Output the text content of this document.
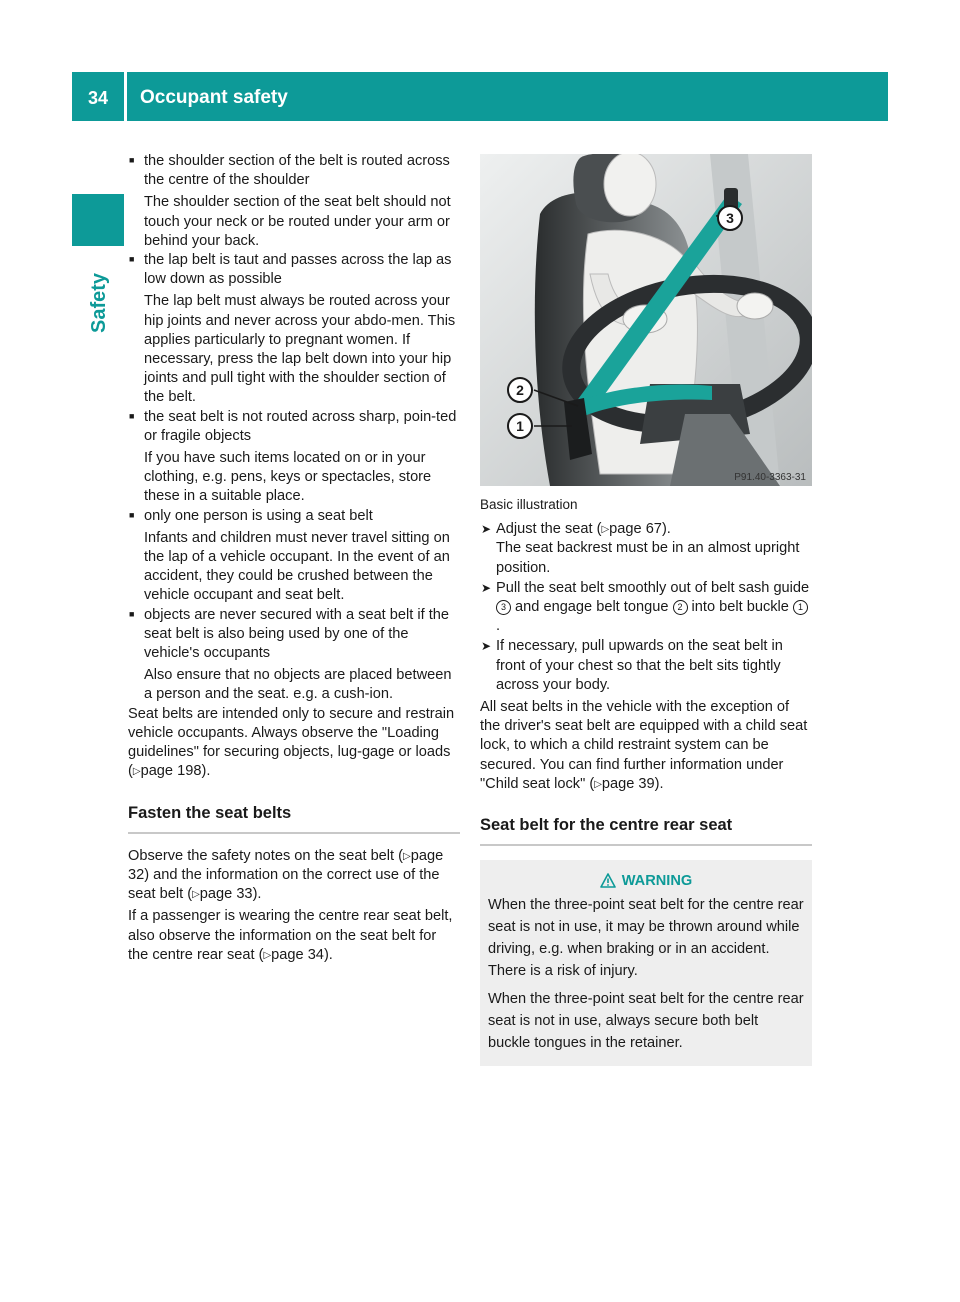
34	Occupant safety
Safety
■ the shoulder section of the belt is routed across the centre of the shoulder

The shoulder section of the seat belt should not touch your neck or be routed under your arm or behind your back.

■ the lap belt is taut and passes across the lap as low down as possible

The lap belt must always be routed across your hip joints and never across your abdo-men. This applies particularly to pregnant women. If necessary, press the lap belt down into your hip joints and pull tight with the shoulder section of the belt.

■ the seat belt is not routed across sharp, poin-ted or fragile objects

If you have such items located on or in your clothing, e.g. pens, keys or spectacles, store these in a suitable place.

■ only one person is using a seat belt

Infants and children must never travel sitting on the lap of a vehicle occupant. In the event of an accident, they could be crushed between the vehicle occupant and seat belt.

■ objects are never secured with a seat belt if the seat belt is also being used by one of the vehicle's occupants

Also ensure that no objects are placed between a person and the seat. e.g. a cush-ion.

Seat belts are intended only to secure and restrain vehicle occupants. Always observe the "Loading guidelines" for securing objects, lug-gage or loads (▷page 198).

Fasten the seat belts

Observe the safety notes on the seat belt (▷page 32) and the information on the correct use of the seat belt (▷page 33).

If a passenger is wearing the centre rear seat belt, also observe the information on the seat belt for the centre rear seat (▷page 34).

3
2
1
P91.40-3363-31
Basic illustration
➤ Adjust the seat (▷page 67).
The seat backrest must be in an almost upright position.
➤ Pull the seat belt smoothly out of belt sash guide 3 and engage belt tongue 2 into belt buckle 1.
➤ If necessary, pull upwards on the seat belt in front of your chest so that the belt sits tightly across your body.

All seat belts in the vehicle with the exception of the driver's seat belt are equipped with a child seat lock, to which a child restraint system can be secured. You can find further information under "Child seat lock" (▷page 39).

Seat belt for the centre rear seat
WARNING

When the three-point seat belt for the centre rear seat is not in use, it may be thrown around while driving, e.g. when braking or in an accident. There is a risk of injury.

When the three-point seat belt for the centre rear seat is not in use, always secure both belt buckle tongues in the retainer.
